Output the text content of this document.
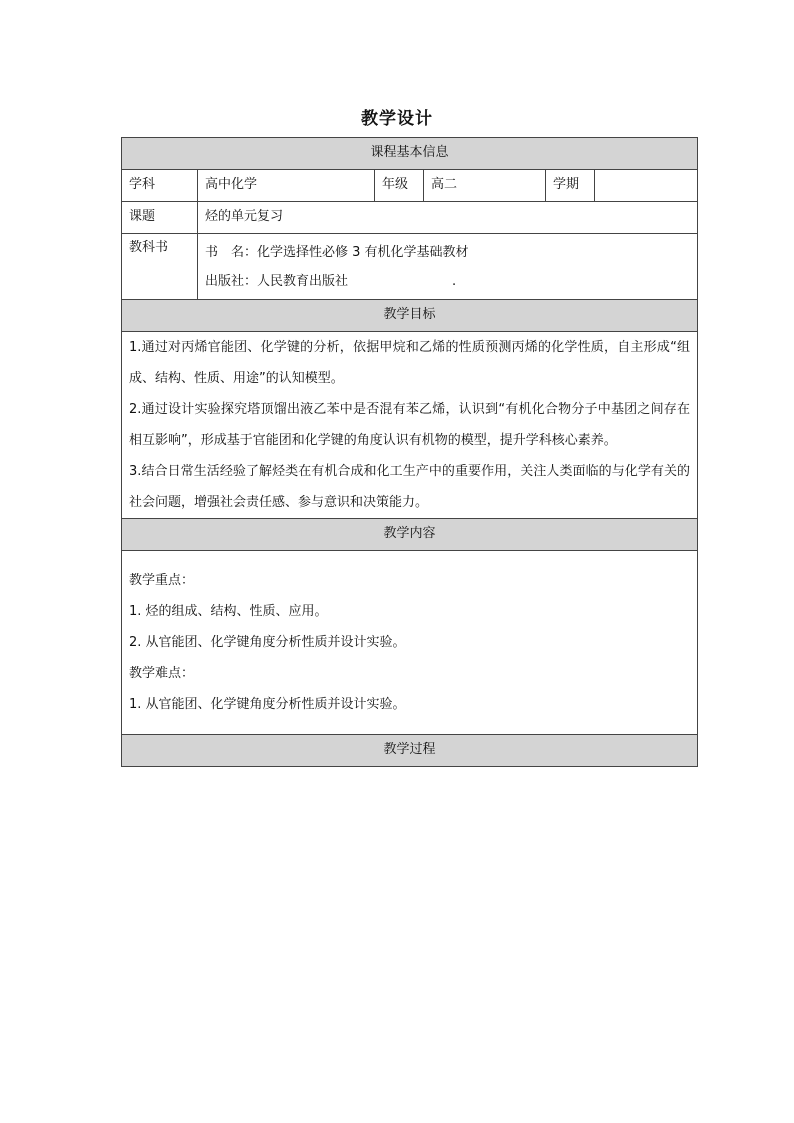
教学设计
课程基本信息					
学科	高中化学	年级	高二	学期	
课题	烃的单元复习				
教科书	书　名：化学选择性必修 3 有机化学基础教材
出版社：人民教育出版社　　　　　　　　.				

教学目标					

1.通过对丙烯官能团、化学键的分析，依据甲烷和乙烯的性质预测丙烯的化学性质，自主形成“组成、结构、性质、用途”的认知模型。
2.通过设计实验探究塔顶馏出液乙苯中是否混有苯乙烯，认识到“有机化合物分子中基团之间存在相互影响”，形成基于官能团和化学键的角度认识有机物的模型，提升学科核心素养。
3.结合日常生活经验了解烃类在有机合成和化工生产中的重要作用，关注人类面临的与化学有关的社会问题，增强社会责任感、参与意识和决策能力。					

教学内容					

教学重点：
1. 烃的组成、结构、性质、应用。
2. 从官能团、化学键角度分析性质并设计实验。
教学难点：
1. 从官能团、化学键角度分析性质并设计实验。					

教学过程					
